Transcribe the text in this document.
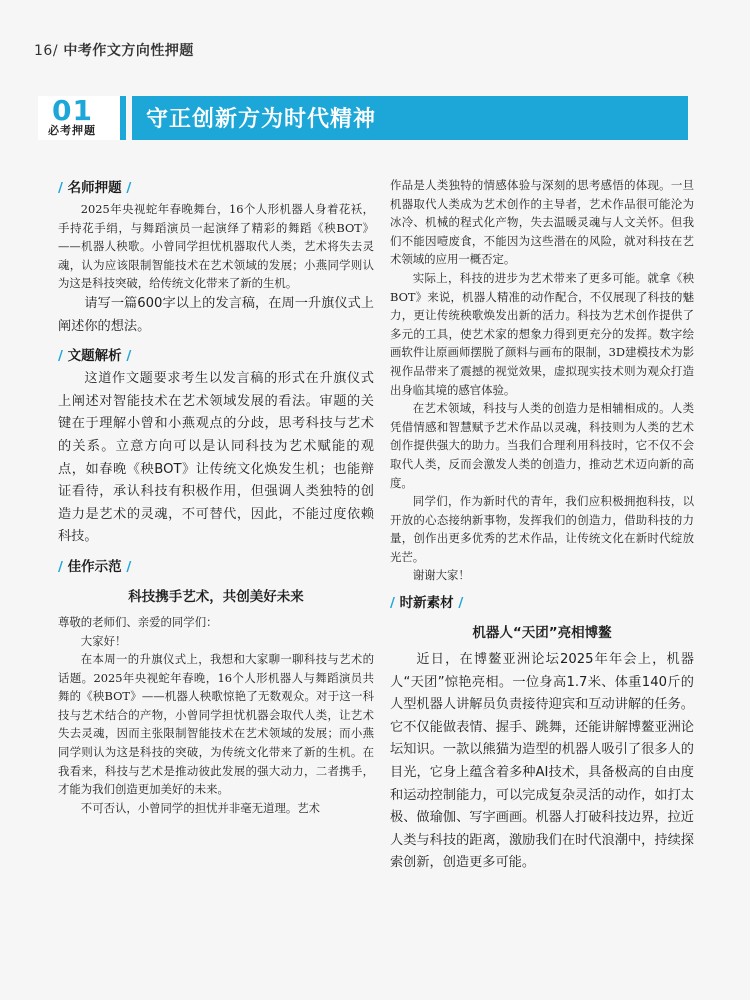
16/ 中考作文方向性押题
01
必考押题 守正创新方为时代精神
/ 名师押题 /

2025年央视蛇年春晚舞台，16个人形机器人身着花袄，手持花手绢，与舞蹈演员一起演绎了精彩的舞蹈《秧BOT》——机器人秧歌。小曾同学担忧机器取代人类，艺术将失去灵魂，认为应该限制智能技术在艺术领域的发展；小燕同学则认为这是科技突破，给传统文化带来了新的生机。

请写一篇600字以上的发言稿，在周一升旗仪式上阐述你的想法。

/ 文题解析 /

这道作文题要求考生以发言稿的形式在升旗仪式上阐述对智能技术在艺术领域发展的看法。审题的关键在于理解小曾和小燕观点的分歧，思考科技与艺术的关系。立意方向可以是认同科技为艺术赋能的观点，如春晚《秧BOT》让传统文化焕发生机；也能辩证看待，承认科技有积极作用，但强调人类独特的创造力是艺术的灵魂，不可替代，因此，不能过度依赖科技。

/ 佳作示范 /
科技携手艺术，共创美好未来

尊敬的老师们、亲爱的同学们：

大家好！

在本周一的升旗仪式上，我想和大家聊一聊科技与艺术的话题。2025年央视蛇年春晚，16个人形机器人与舞蹈演员共舞的《秧BOT》——机器人秧歌惊艳了无数观众。对于这一科技与艺术结合的产物，小曾同学担忧机器会取代人类，让艺术失去灵魂，因而主张限制智能技术在艺术领域的发展；而小燕同学则认为这是科技的突破，为传统文化带来了新的生机。在我看来，科技与艺术是推动彼此发展的强大动力，二者携手，才能为我们创造更加美好的未来。

不可否认，小曾同学的担忧并非毫无道理。艺术

作品是人类独特的情感体验与深刻的思考感悟的体现。一旦机器取代人类成为艺术创作的主导者，艺术作品很可能沦为冰冷、机械的程式化产物，失去温暖灵魂与人文关怀。但我们不能因噎废食，不能因为这些潜在的风险，就对科技在艺术领域的应用一概否定。

实际上，科技的进步为艺术带来了更多可能。就拿《秧BOT》来说，机器人精准的动作配合，不仅展现了科技的魅力，更让传统秧歌焕发出新的活力。科技为艺术创作提供了多元的工具，使艺术家的想象力得到更充分的发挥。数字绘画软件让原画师摆脱了颜料与画布的限制，3D建模技术为影视作品带来了震撼的视觉效果，虚拟现实技术则为观众打造出身临其境的感官体验。

在艺术领域，科技与人类的创造力是相辅相成的。人类凭借情感和智慧赋予艺术作品以灵魂，科技则为人类的艺术创作提供强大的助力。当我们合理利用科技时，它不仅不会取代人类，反而会激发人类的创造力，推动艺术迈向新的高度。

同学们，作为新时代的青年，我们应积极拥抱科技，以开放的心态接纳新事物，发挥我们的创造力，借助科技的力量，创作出更多优秀的艺术作品，让传统文化在新时代绽放光芒。

谢谢大家！

/ 时新素材 /
机器人“天团”亮相博鳌

近日，在博鳌亚洲论坛2025年年会上，机器人“天团”惊艳亮相。一位身高1.7米、体重140斤的人型机器人讲解员负责接待迎宾和互动讲解的任务。它不仅能做表情、握手、跳舞，还能讲解博鳌亚洲论坛知识。一款以熊猫为造型的机器人吸引了很多人的目光，它身上蕴含着多种AI技术，具备极高的自由度和运动控制能力，可以完成复杂灵活的动作，如打太极、做瑜伽、写字画画。机器人打破科技边界，拉近人类与科技的距离，激励我们在时代浪潮中，持续探索创新，创造更多可能。
